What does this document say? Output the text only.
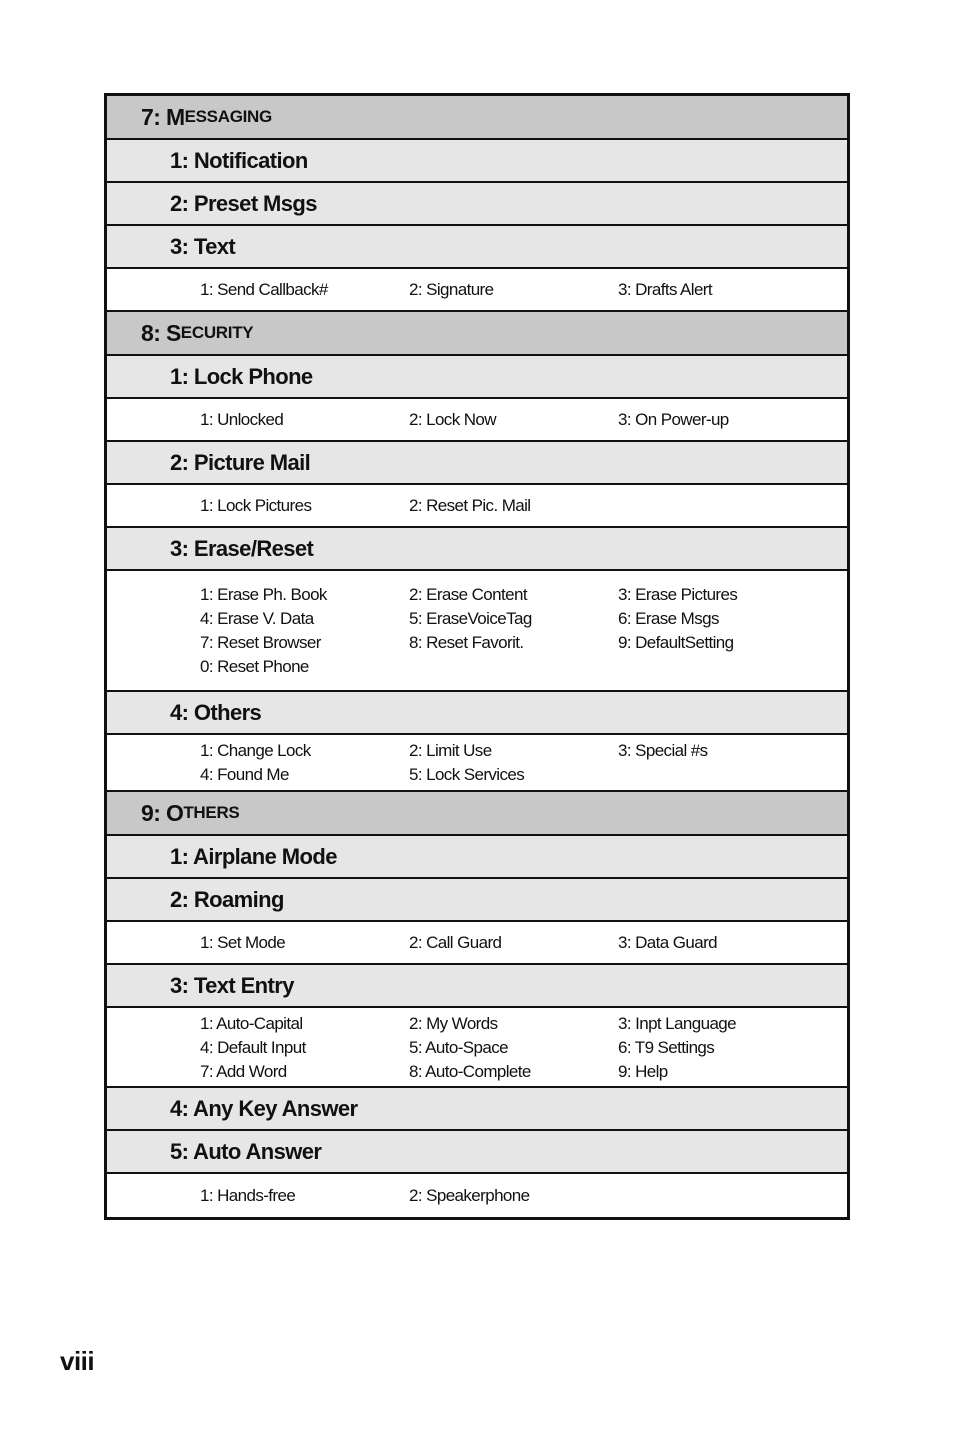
7: M ESSAGING
1: Notification
2: Preset Msgs
3: Text
1: Send Callback#	2: Signature	3: Drafts Alert
8: S ECURITY
1: Lock Phone
1: Unlocked	2: Lock Now	3: On Power-up
2: Picture Mail
1: Lock Pictures	2: Reset Pic. Mail
3: Erase/Reset
1: Erase Ph. Book	2: Erase Content	3: Erase Pictures
4: Erase V. Data	5: EraseVoiceTag	6: Erase Msgs
7: Reset Browser	8: Reset Favorit.	9: DefaultSetting
0: Reset Phone
4: Others
1: Change Lock	2: Limit Use	3: Special #s
4: Found Me	5: Lock Services
9: O THERS
1: Airplane Mode
2: Roaming
1: Set Mode	2: Call Guard	3: Data Guard
3: Text Entry
1: Auto-Capital	2: My Words	3: Inpt Language
4: Default Input	5: Auto-Space	6: T9 Settings
7: Add Word	8: Auto-Complete	9: Help
4: Any Key Answer
5: Auto Answer
1: Hands-free	2: Speakerphone
viii
